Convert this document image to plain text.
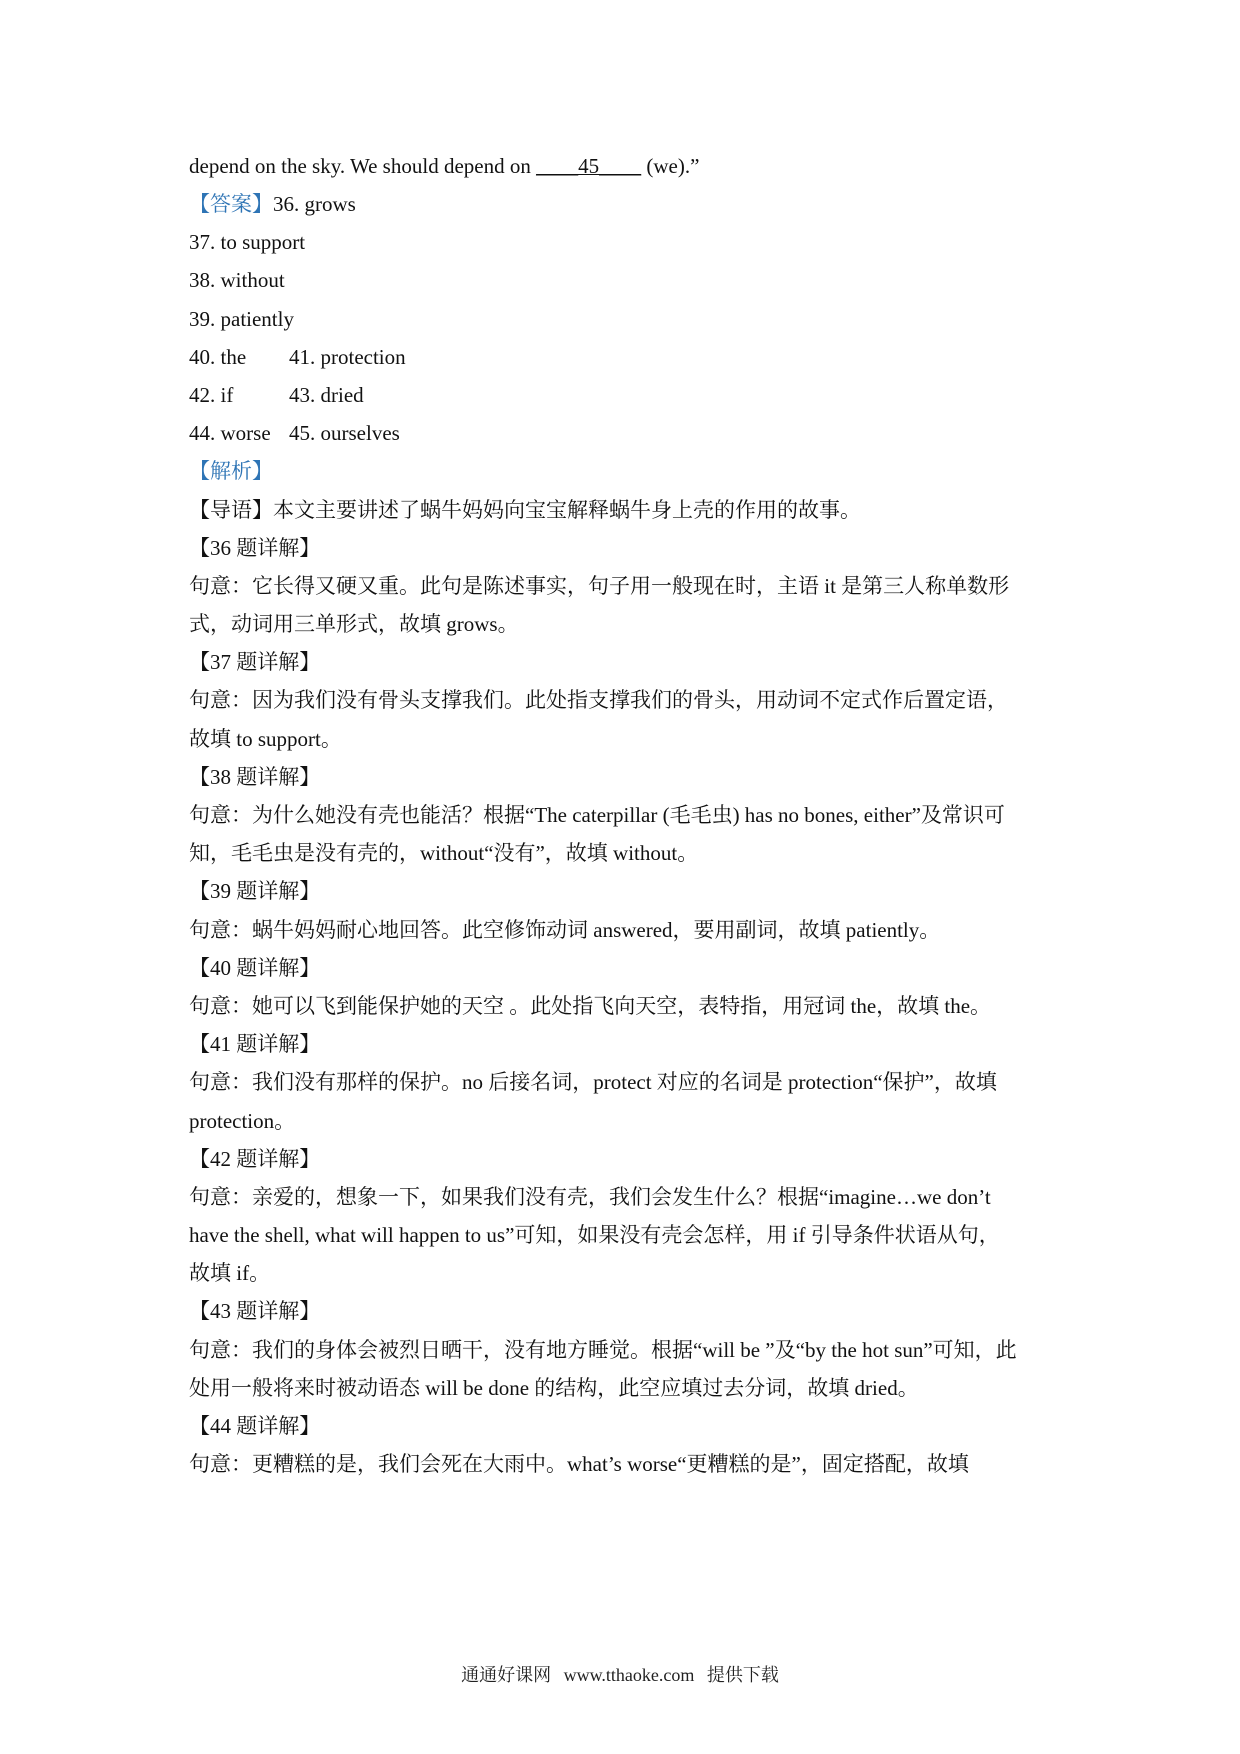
depend on the sky. We should depend on ____45____ (we).”
【答案】36. grows
37. to support
38. without
39. patiently
40. the 41. protection
42. if	43. dried
44. worse 45. ourselves
【解析】
【导语】本文主要讲述了蜗牛妈妈向宝宝解释蜗牛身上壳的作用的故事。
【36 题详解】
句意：它长得又硬又重。此句是陈述事实，句子用一般现在时，主语 it 是第三人称单数形
式，动词用三单形式，故填 grows。
【37 题详解】
句意：因为我们没有骨头支撑我们。此处指支撑我们的骨头，用动词不定式作后置定语，
故填 to support。
【38 题详解】
句意：为什么她没有壳也能活？根据“The caterpillar (毛毛虫) has no bones, either”及常识可
知，毛毛虫是没有壳的，without“没有”，故填 without。
【39 题详解】
句意：蜗牛妈妈耐心地回答。此空修饰动词 answered，要用副词，故填 patiently。
【40 题详解】
句意：她可以飞到能保护她的天空 。此处指飞向天空，表特指，用冠词 the，故填 the。
【41 题详解】
句意：我们没有那样的保护。no 后接名词，protect 对应的名词是 protection“保护”，故填
protection。
【42 题详解】
句意：亲爱的，想象一下，如果我们没有壳，我们会发生什么？根据“imagine…we don’t
have the shell, what will happen to us”可知，如果没有壳会怎样，用 if 引导条件状语从句，
故填 if。
【43 题详解】
句意：我们的身体会被烈日晒干，没有地方睡觉。根据“will be ”及“by the hot sun”可知，此
处用一般将来时被动语态 will be done 的结构，此空应填过去分词，故填 dried。
【44 题详解】
句意：更糟糕的是，我们会死在大雨中。what’s worse“更糟糕的是”，固定搭配，故填
通通好课网 www.tthaoke.com 提供下载
